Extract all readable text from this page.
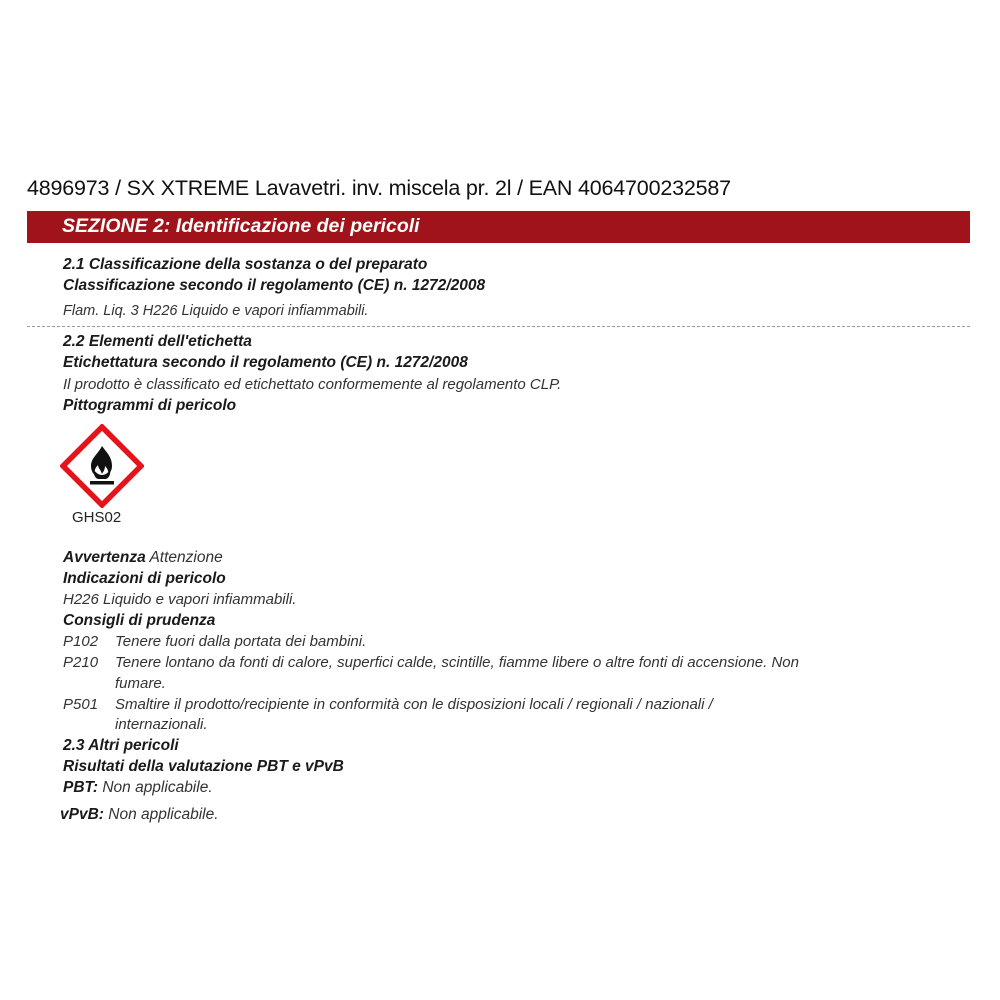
4896973 / SX XTREME Lavavetri. inv. miscela pr. 2l / EAN 4064700232587
SEZIONE 2: Identificazione dei pericoli
2.1 Classificazione della sostanza o del preparato
Classificazione secondo il regolamento (CE) n. 1272/2008
Flam. Liq. 3 H226 Liquido e vapori infiammabili.
2.2 Elementi dell'etichetta
Etichettatura secondo il regolamento (CE) n. 1272/2008
Il prodotto è classificato ed etichettato conformemente al regolamento CLP.
Pittogrammi di pericolo
GHS02
Avvertenza Attenzione
Indicazioni di pericolo
H226 Liquido e vapori infiammabili.
Consigli di prudenza
P102 Tenere fuori dalla portata dei bambini.
P210 Tenere lontano da fonti di calore, superfici calde, scintille, fiamme libere o altre fonti di accensione. Non
fumare.
P501 Smaltire il prodotto/recipiente in conformità con le disposizioni locali / regionali / nazionali /
internazionali.
2.3 Altri pericoli
Risultati della valutazione PBT e vPvB
PBT: Non applicabile.
vPvB: Non applicabile.
